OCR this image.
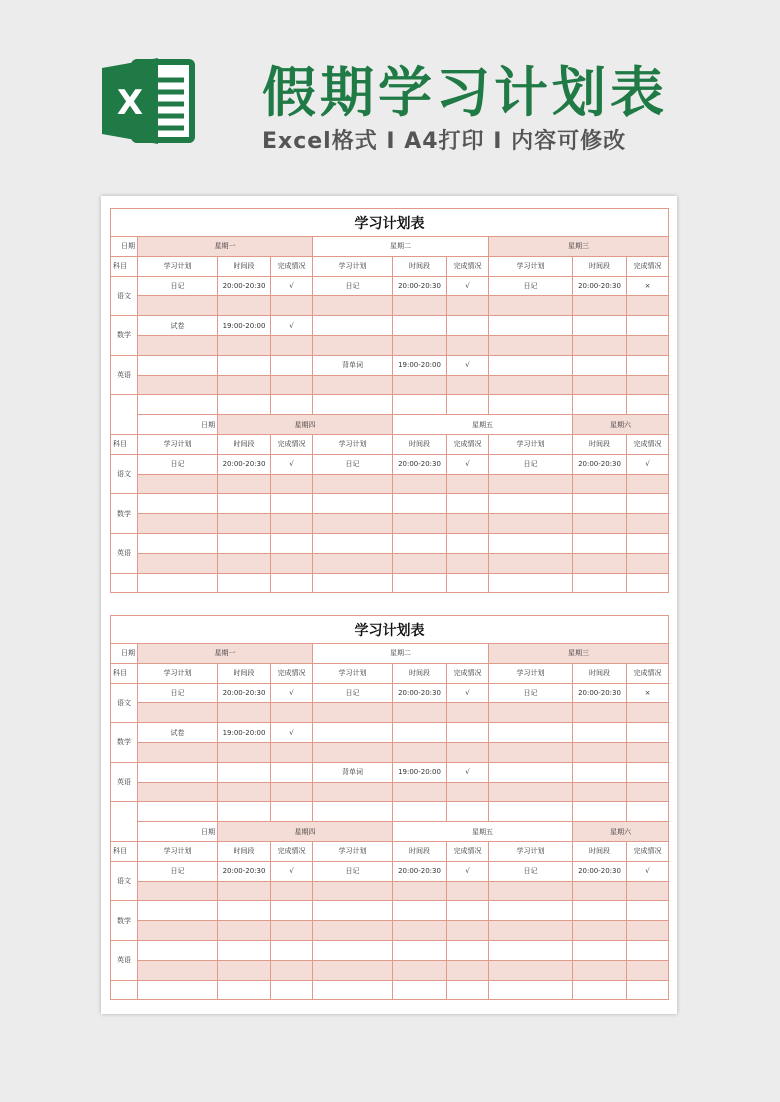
X 假期学习计划表

Excel格式 I A4打印 I 内容可修改

学习计划表									
日期	星期一			星期二			星期三		
科目	学习计划	时间段	完成情况	学习计划	时间段	完成情况	学习计划	时间段	完成情况
语文	日记	20:00-20:30	√	日记	20:00-20:30	√	日记	20:00-20:30	×

数学	试卷	19:00-20:00	√						

英语				背单词	19:00-20:00	√			

	日期	星期四			星期五			星期六	
科目	学习计划	时间段	完成情况	学习计划	时间段	完成情况	学习计划	时间段	完成情况
语文	日记	20:00-20:30	√	日记	20:00-20:30	√	日记	20:00-20:30	√

数学									

英语									

学习计划表									
日期	星期一			星期二			星期三		
科目	学习计划	时间段	完成情况	学习计划	时间段	完成情况	学习计划	时间段	完成情况
语文	日记	20:00-20:30	√	日记	20:00-20:30	√	日记	20:00-20:30	×

数学	试卷	19:00-20:00	√						

英语				背单词	19:00-20:00	√			

	日期	星期四			星期五			星期六	
科目	学习计划	时间段	完成情况	学习计划	时间段	完成情况	学习计划	时间段	完成情况
语文	日记	20:00-20:30	√	日记	20:00-20:30	√	日记	20:00-20:30	√

数学									

英语									
